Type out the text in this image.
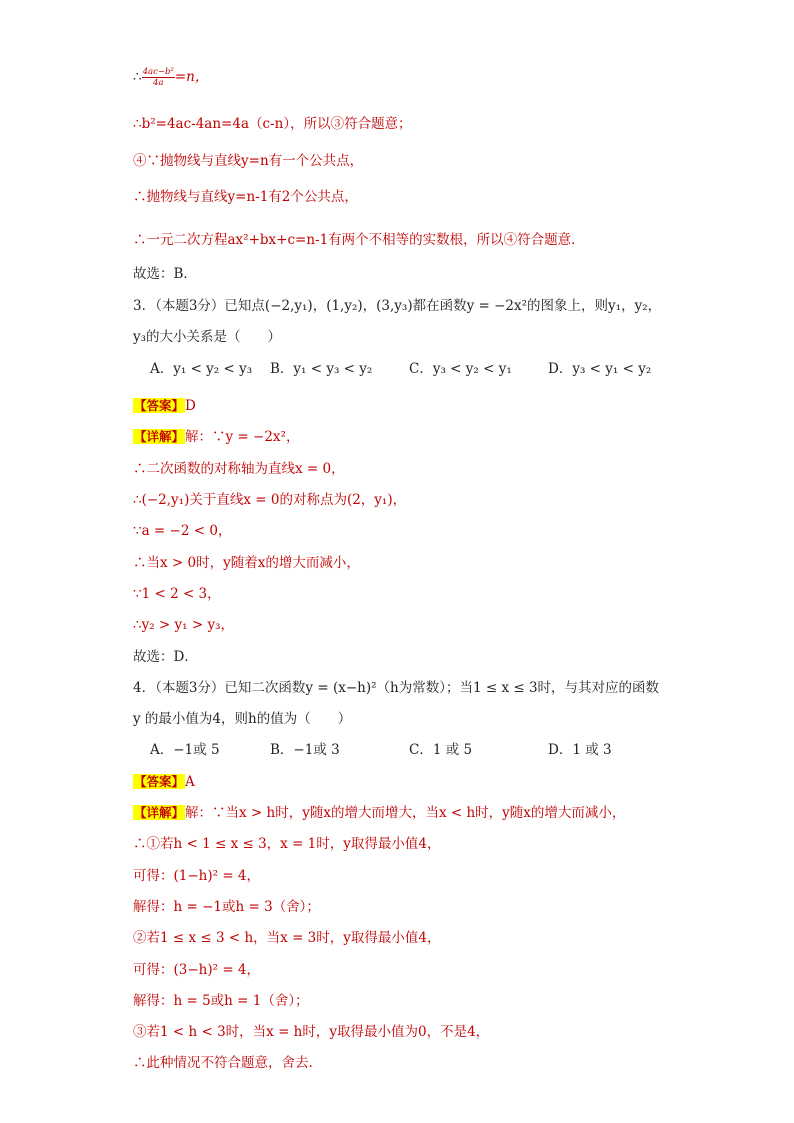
∴ $\frac{\text{4ac−b²}}{4a} =n$，
∴b²=4ac-4an=4a（c-n），所以③符合题意；
④∵抛物线与直线y=n有一个公共点，
∴抛物线与直线y=n-1有2个公共点，
∴一元二次方程ax²+bx+c=n-1有两个不相等的实数根，所以④符合题意．
故选：B．
3．（本题3分）已知点(−2,y₁)，(1,y₂)，(3,y₃)都在函数y = −2x²的图象上，则y₁，y₂，
y₃的大小关系是（　　）
A．y₁ < y₂ < y₃ B．y₁ < y₃ < y₂	C．y₃ < y₂ < y₁	D．y₃ < y₁ < y₂
【答案】D
【详解】解：∵y = −2x²，
∴二次函数的对称轴为直线x = 0，
∴(−2,y₁)关于直线x = 0的对称点为(2，y₁)，
∵a = −2 < 0，
∴当x > 0时，y随着x的增大而减小，
∵1 < 2 < 3，
∴y₂ > y₁ > y₃，
故选：D．
4．（本题3分）已知二次函数y = (x−h)²（h为常数）；当1 ≤ x ≤ 3时，与其对应的函数
y 的最小值为4，则h的值为（　　）
A．−1或 5	B．−1或 3	C．1 或 5	D．1 或 3
【答案】A
【详解】解：∵当x > h时，y随x的增大而增大，当x < h时，y随x的增大而减小，
∴①若h < 1 ≤ x ≤ 3，x = 1时，y取得最小值4，
可得：(1−h)² = 4，
解得：h = −1或h = 3（舍）；
②若1 ≤ x ≤ 3 < h，当x = 3时，y取得最小值4，
可得：(3−h)² = 4，
解得：h = 5或h = 1（舍）；
③若1 < h < 3时，当x = h时，y取得最小值为0，不是4，
∴此种情况不符合题意，舍去.
